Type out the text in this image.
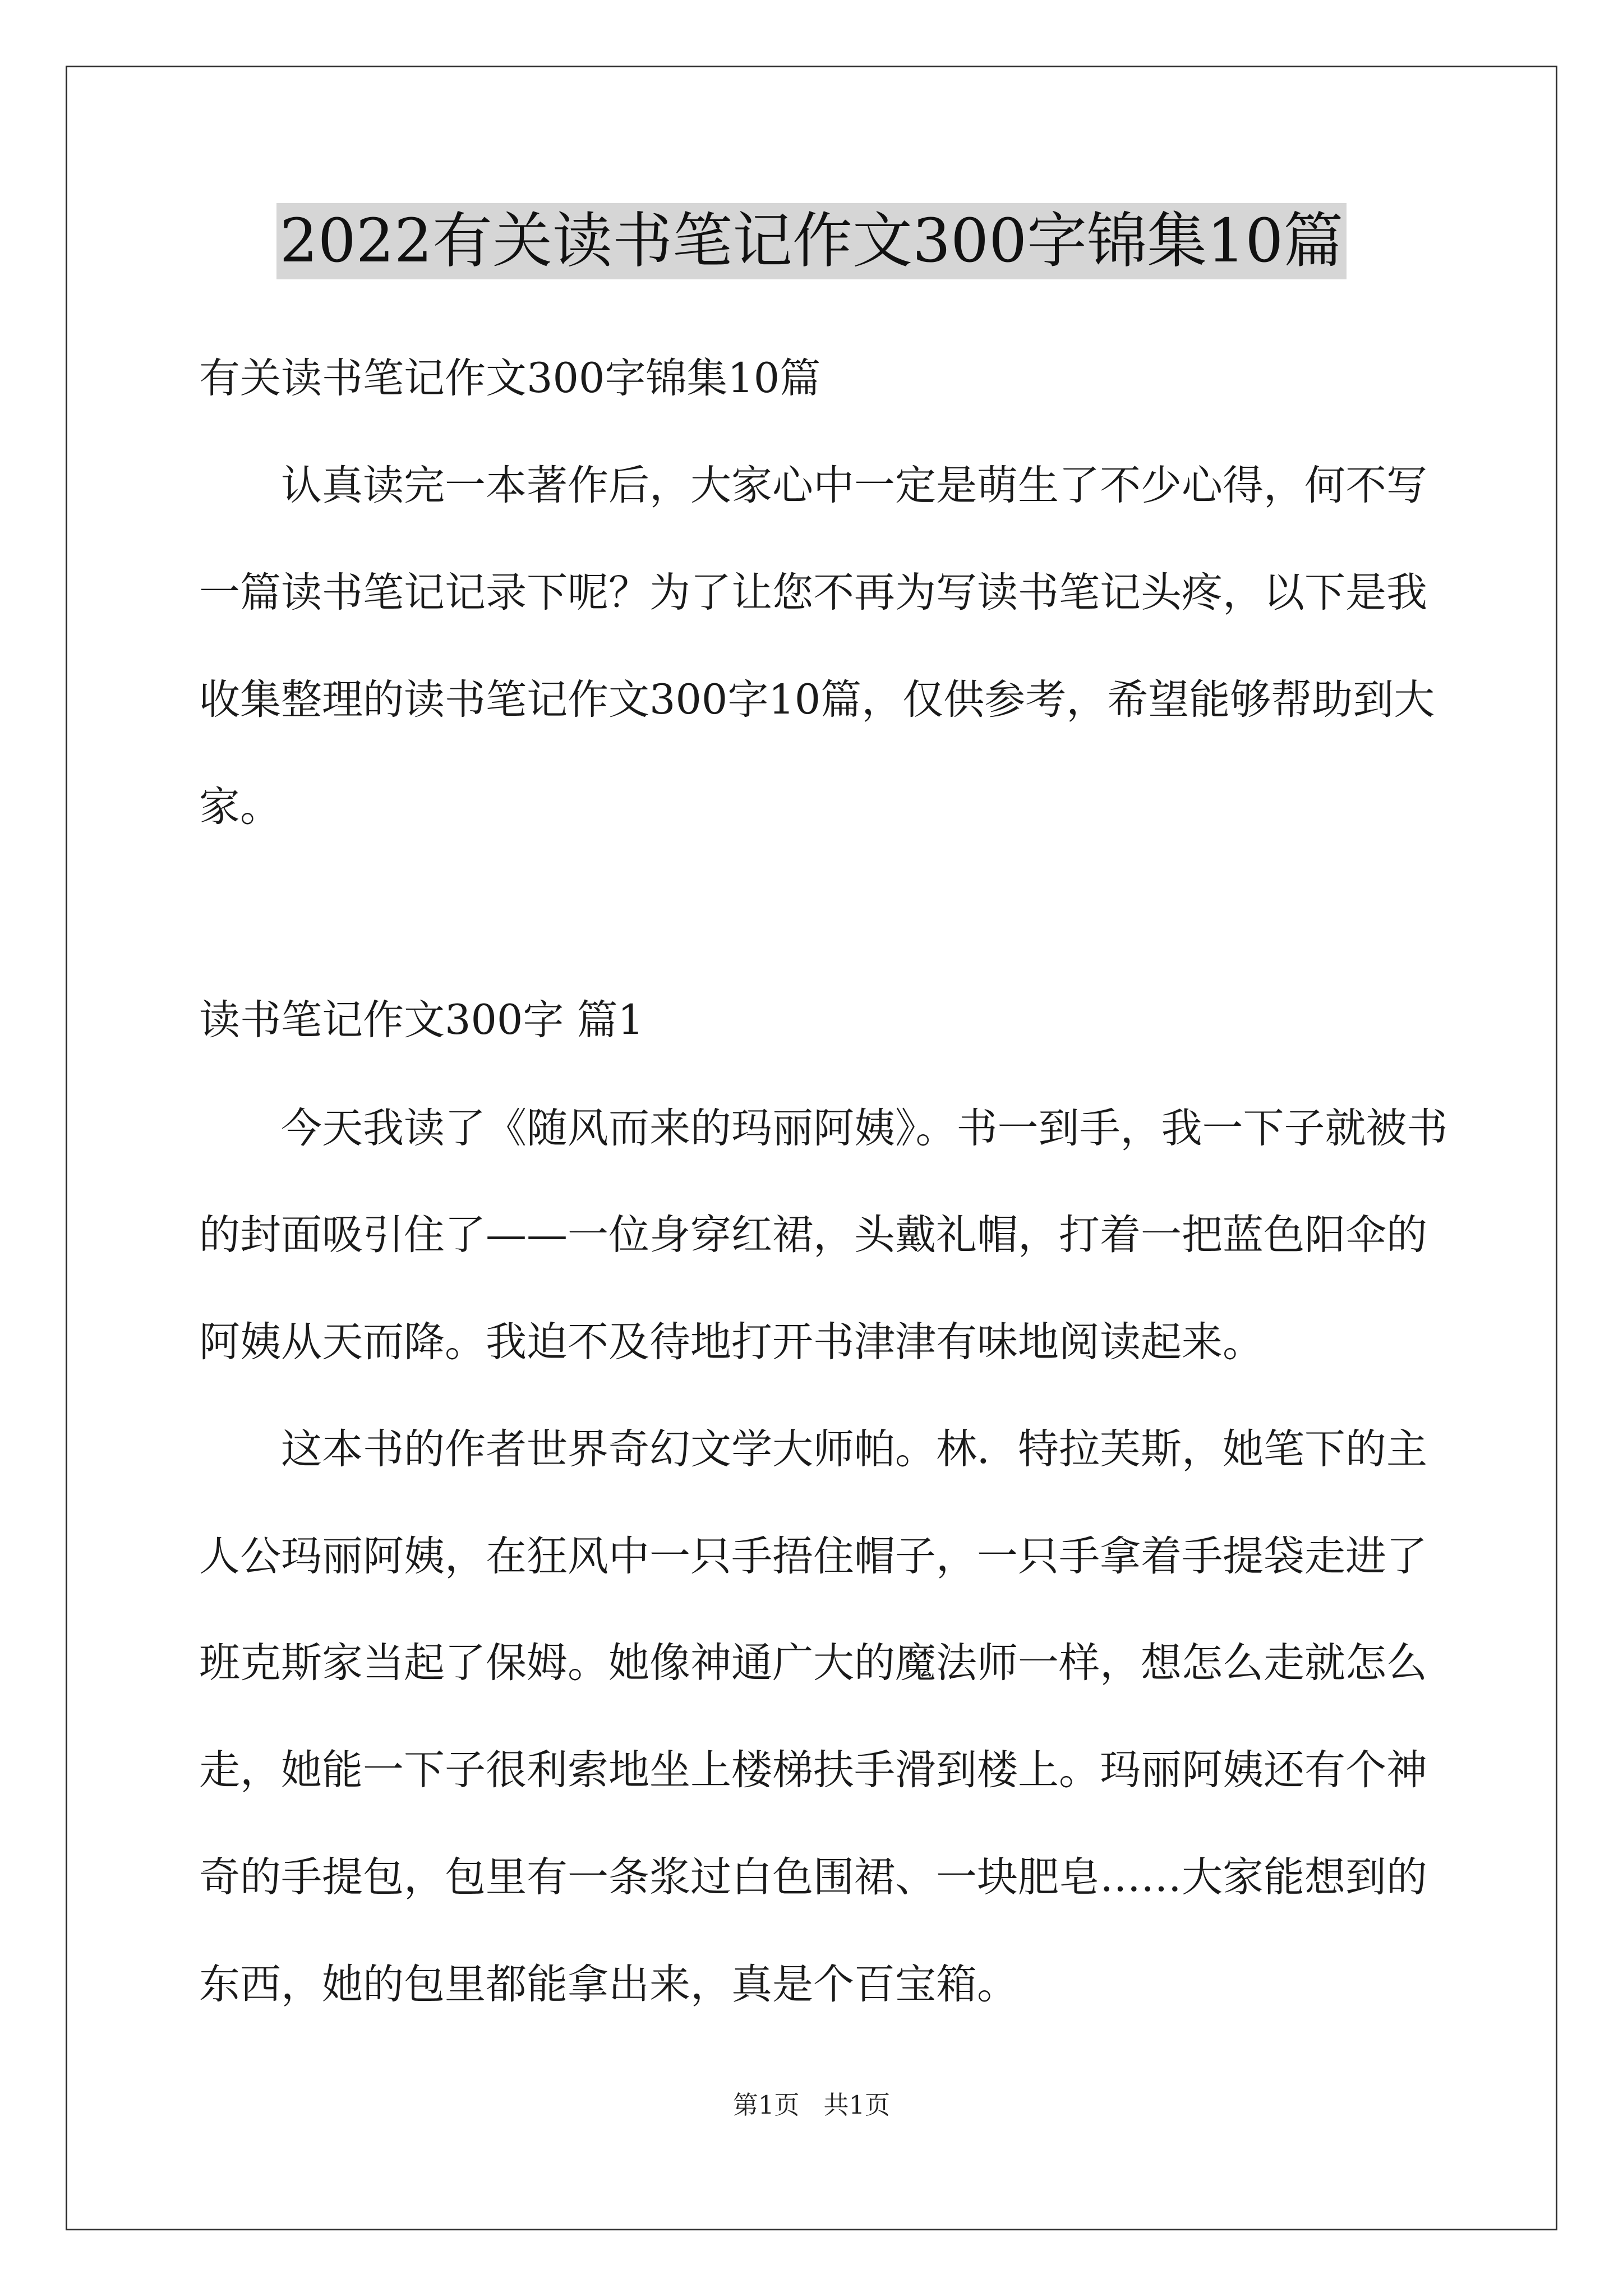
2022有关读书笔记作文300字锦集10篇
有关读书笔记作文300字锦集10篇
认真读完一本著作后，大家心中一定是萌生了不少心得，何不写
一篇读书笔记记录下呢？为了让您不再为写读书笔记头疼，以下是我
收集整理的读书笔记作文300字10篇，仅供参考，希望能够帮助到大
家。
读书笔记作文300字 篇1
今天我读了《随风而来的玛丽阿姨》。书一到手，我一下子就被书
的封面吸引住了——一位身穿红裙，头戴礼帽，打着一把蓝色阳伞的
阿姨从天而降。我迫不及待地打开书津津有味地阅读起来。
这本书的作者世界奇幻文学大师帕。林．特拉芙斯，她笔下的主
人公玛丽阿姨，在狂风中一只手捂住帽子，一只手拿着手提袋走进了
班克斯家当起了保姆。她像神通广大的魔法师一样，想怎么走就怎么
走，她能一下子很利索地坐上楼梯扶手滑到楼上。玛丽阿姨还有个神
奇的手提包，包里有一条浆过白色围裙、一块肥皂……大家能想到的
东西，她的包里都能拿出来，真是个百宝箱。
第1页   共1页
